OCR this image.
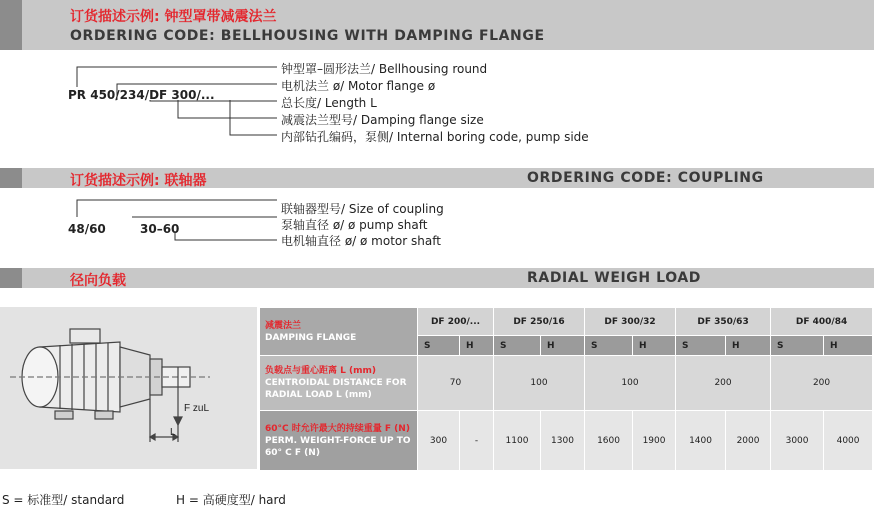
订货描述示例: 钟型罩带减震法兰
ORDERING CODE: BELLHOUSING WITH DAMPING FLANGE
PR 450/234/DF 300/...
钟型罩–圆形法兰/ Bellhousing round
电机法兰 ø/ Motor flange ø
总长度/ Length L
减震法兰型号/ Damping flange size
内部钻孔编码，泵侧/ Internal boring code, pump side
订货描述示例: 联轴器	ORDERING CODE: COUPLING
48/60	30–60
联轴器型号/ Size of coupling
泵轴直径 ø/ ø pump shaft
电机轴直径 ø/ ø motor shaft
径向负载	RADIAL WEIGH LOAD
F zuL
L
减震法兰
DAMPING FLANGE	DF 200/...		DF 250/16		DF 300/32		DF 350/63		DF 400/84	
	S	H	S	H	S	H	S	H	S	H

负载点与重心距离 L (mm)
CENTROIDAL DISTANCE FOR RADIAL LOAD L (mm)	70		100		100		200		200	

60°C 时允许最大的持续重量 F (N)
PERM. WEIGHT-FORCE UP TO 60° C F (N)	300	-	1100	1300	1600	1900	1400	2000	3000	4000
S = 标准型/ standard	H = 高硬度型/ hard
